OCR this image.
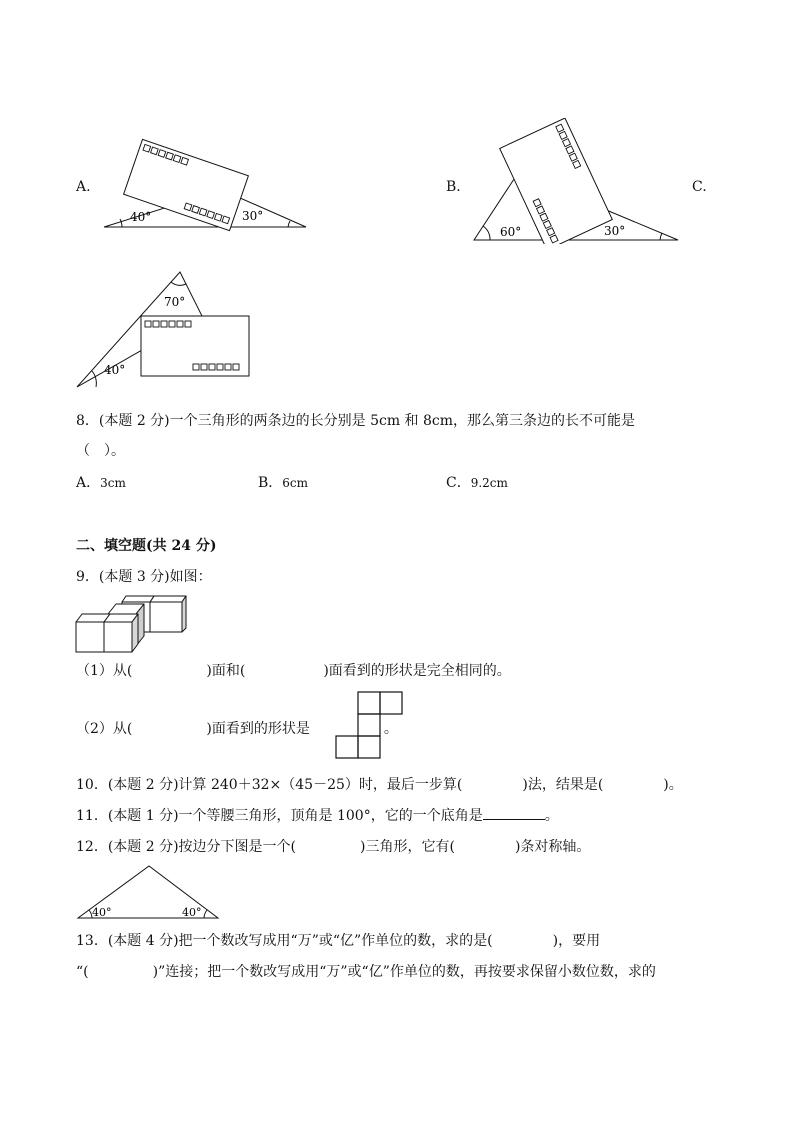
A.
40°	30°
B.
60°	30°
C.
70°
40°
8．(本题 2 分)一个三角形的两条边的长分别是 5cm 和 8cm，那么第三条边的长不可能是
（　）。
A．3cm	B．6cm	C．9.2cm
二、填空题(共 24 分)
9．(本题 3 分)如图：
（1）从(	)面和(	)面看到的形状是完全相同的。
（2）从(	)面看到的形状是	。
10．(本题 2 分)计算 240＋32×（45－25）时，最后一步算(	)法，结果是(	)。
11．(本题 1 分)一个等腰三角形，顶角是 100°，它的一个底角是	。
12．(本题 2 分)按边分下图是一个(	)三角形，它有(	)条对称轴。
40°	40°
13．(本题 4 分)把一个数改写成用“万”或“亿”作单位的数，求的是(	)，要用
“(	)”连接；把一个数改写成用“万”或“亿”作单位的数，再按要求保留小数位数，求的
